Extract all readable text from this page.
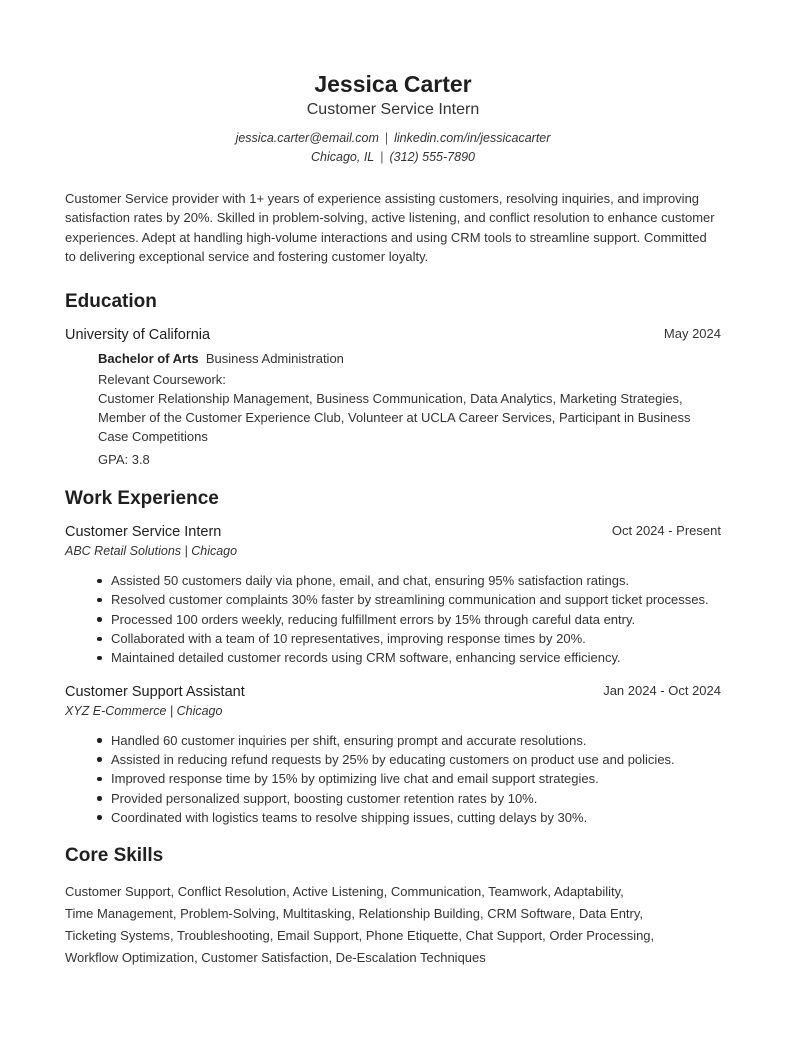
Jessica Carter
Customer Service Intern
jessica.carter@email.com | linkedin.com/in/jessicacarter
Chicago, IL | (312) 555-7890

Customer Service provider with 1+ years of experience assisting customers, resolving inquiries, and improving satisfaction rates by 20%. Skilled in problem-solving, active listening, and conflict resolution to enhance customer experiences. Adept at handling high-volume interactions and using CRM tools to streamline support. Committed to delivering exceptional service and fostering customer loyalty.

Education
University of California	May 2024
Bachelor of Arts Business Administration
Relevant Coursework:
Customer Relationship Management, Business Communication, Data Analytics, Marketing Strategies, Member of the Customer Experience Club, Volunteer at UCLA Career Services, Participant in Business Case Competitions
GPA: 3.8
Work Experience
Customer Service Intern	Oct 2024 - Present
ABC Retail Solutions | Chicago
Assisted 50 customers daily via phone, email, and chat, ensuring 95% satisfaction ratings.
Resolved customer complaints 30% faster by streamlining communication and support ticket processes.
Processed 100 orders weekly, reducing fulfillment errors by 15% through careful data entry.
Collaborated with a team of 10 representatives, improving response times by 20%.
Maintained detailed customer records using CRM software, enhancing service efficiency.
Customer Support Assistant	Jan 2024 - Oct 2024
XYZ E-Commerce | Chicago
Handled 60 customer inquiries per shift, ensuring prompt and accurate resolutions.
Assisted in reducing refund requests by 25% by educating customers on product use and policies.
Improved response time by 15% by optimizing live chat and email support strategies.
Provided personalized support, boosting customer retention rates by 10%.
Coordinated with logistics teams to resolve shipping issues, cutting delays by 30%.
Core Skills
Customer Support, Conflict Resolution, Active Listening, Communication, Teamwork, Adaptability,
Time Management, Problem-Solving, Multitasking, Relationship Building, CRM Software, Data Entry,
Ticketing Systems, Troubleshooting, Email Support, Phone Etiquette, Chat Support, Order Processing,
Workflow Optimization, Customer Satisfaction, De-Escalation Techniques
